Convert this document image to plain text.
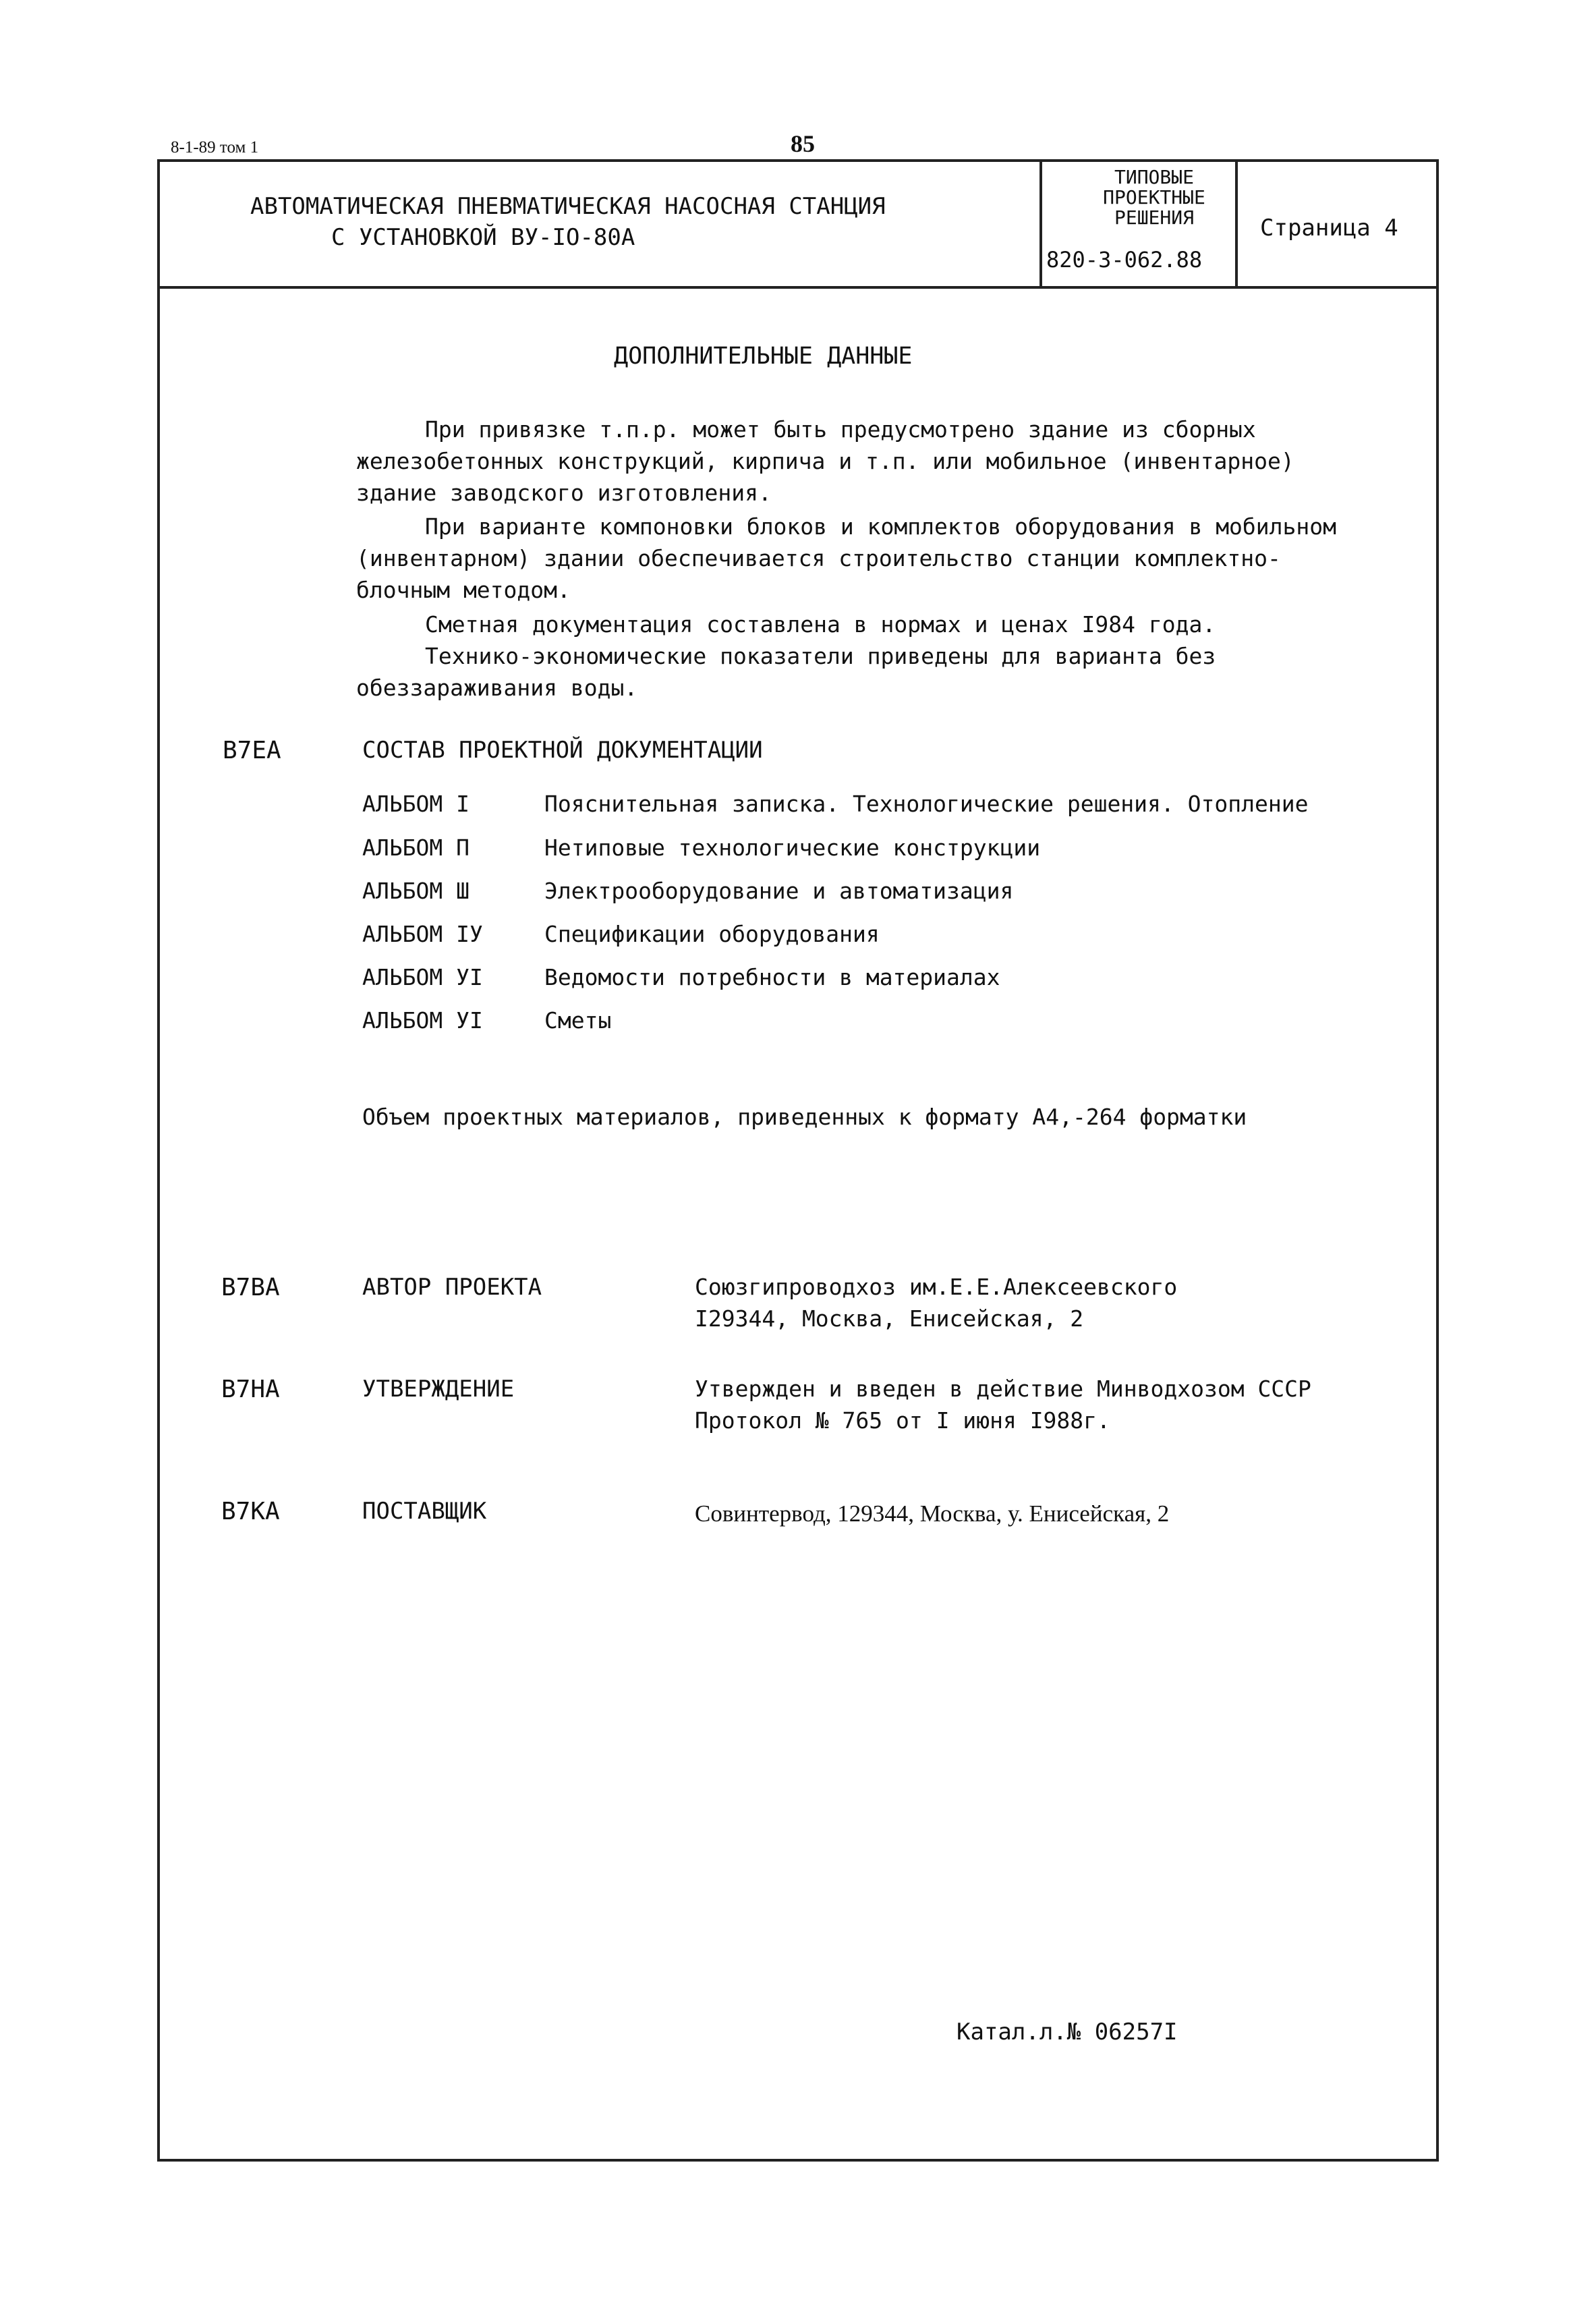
8-1-89 том 1	85
АВТОМАТИЧЕСКАЯ ПНЕВМАТИЧЕСКАЯ НАСОСНАЯ СТАНЦИЯ
С УСТАНОВКОЙ ВУ-IO-80А
ТИПОВЫЕ
ПРОЕКТНЫЕ
РЕШЕНИЯ
820-3-062.88
Страница 4
ДОПОЛНИТЕЛЬНЫЕ ДАННЫЕ
При привязке т.п.р. может быть предусмотрено здание из сборных железобетонных конструкций, кирпича и т.п. или мобильное (инвентарное) здание заводского изготовления.
При варианте компоновки блоков и комплектов оборудования в мобильном (инвентарном) здании обеспечивается строительство станции комплектно-блочным методом.
Сметная документация составлена в нормах и ценах I984 года.
Технико-экономические показатели приведены для варианта без обеззараживания воды.
В7ЕА	СОСТАВ ПРОЕКТНОЙ ДОКУМЕНТАЦИИ
АЛЬБОМ I	Пояснительная записка. Технологические решения. Отопление
АЛЬБОМ П	Нетиповые технологические конструкции
АЛЬБОМ Ш	Электрооборудование и автоматизация
АЛЬБОМ IУ	Спецификации оборудования
АЛЬБОМ УI	Ведомости потребности в материалах
АЛЬБОМ УI	Сметы
Объем проектных материалов, приведенных к формату А4,-264 форматки
В7ВА	АВТОР ПРОЕКТА	Союзгипроводхоз им.Е.Е.Алексеевского
I29344, Москва, Енисейская, 2
В7НА	УТВЕРЖДЕНИЕ	Утвержден и введен в действие Минводхозом СССР
Протокол № 765 от I июня I988г.
В7КА	ПОСТАВЩИК	Совинтервод, 129344, Москва, у. Енисейская, 2
Катал.л.№ 06257I
